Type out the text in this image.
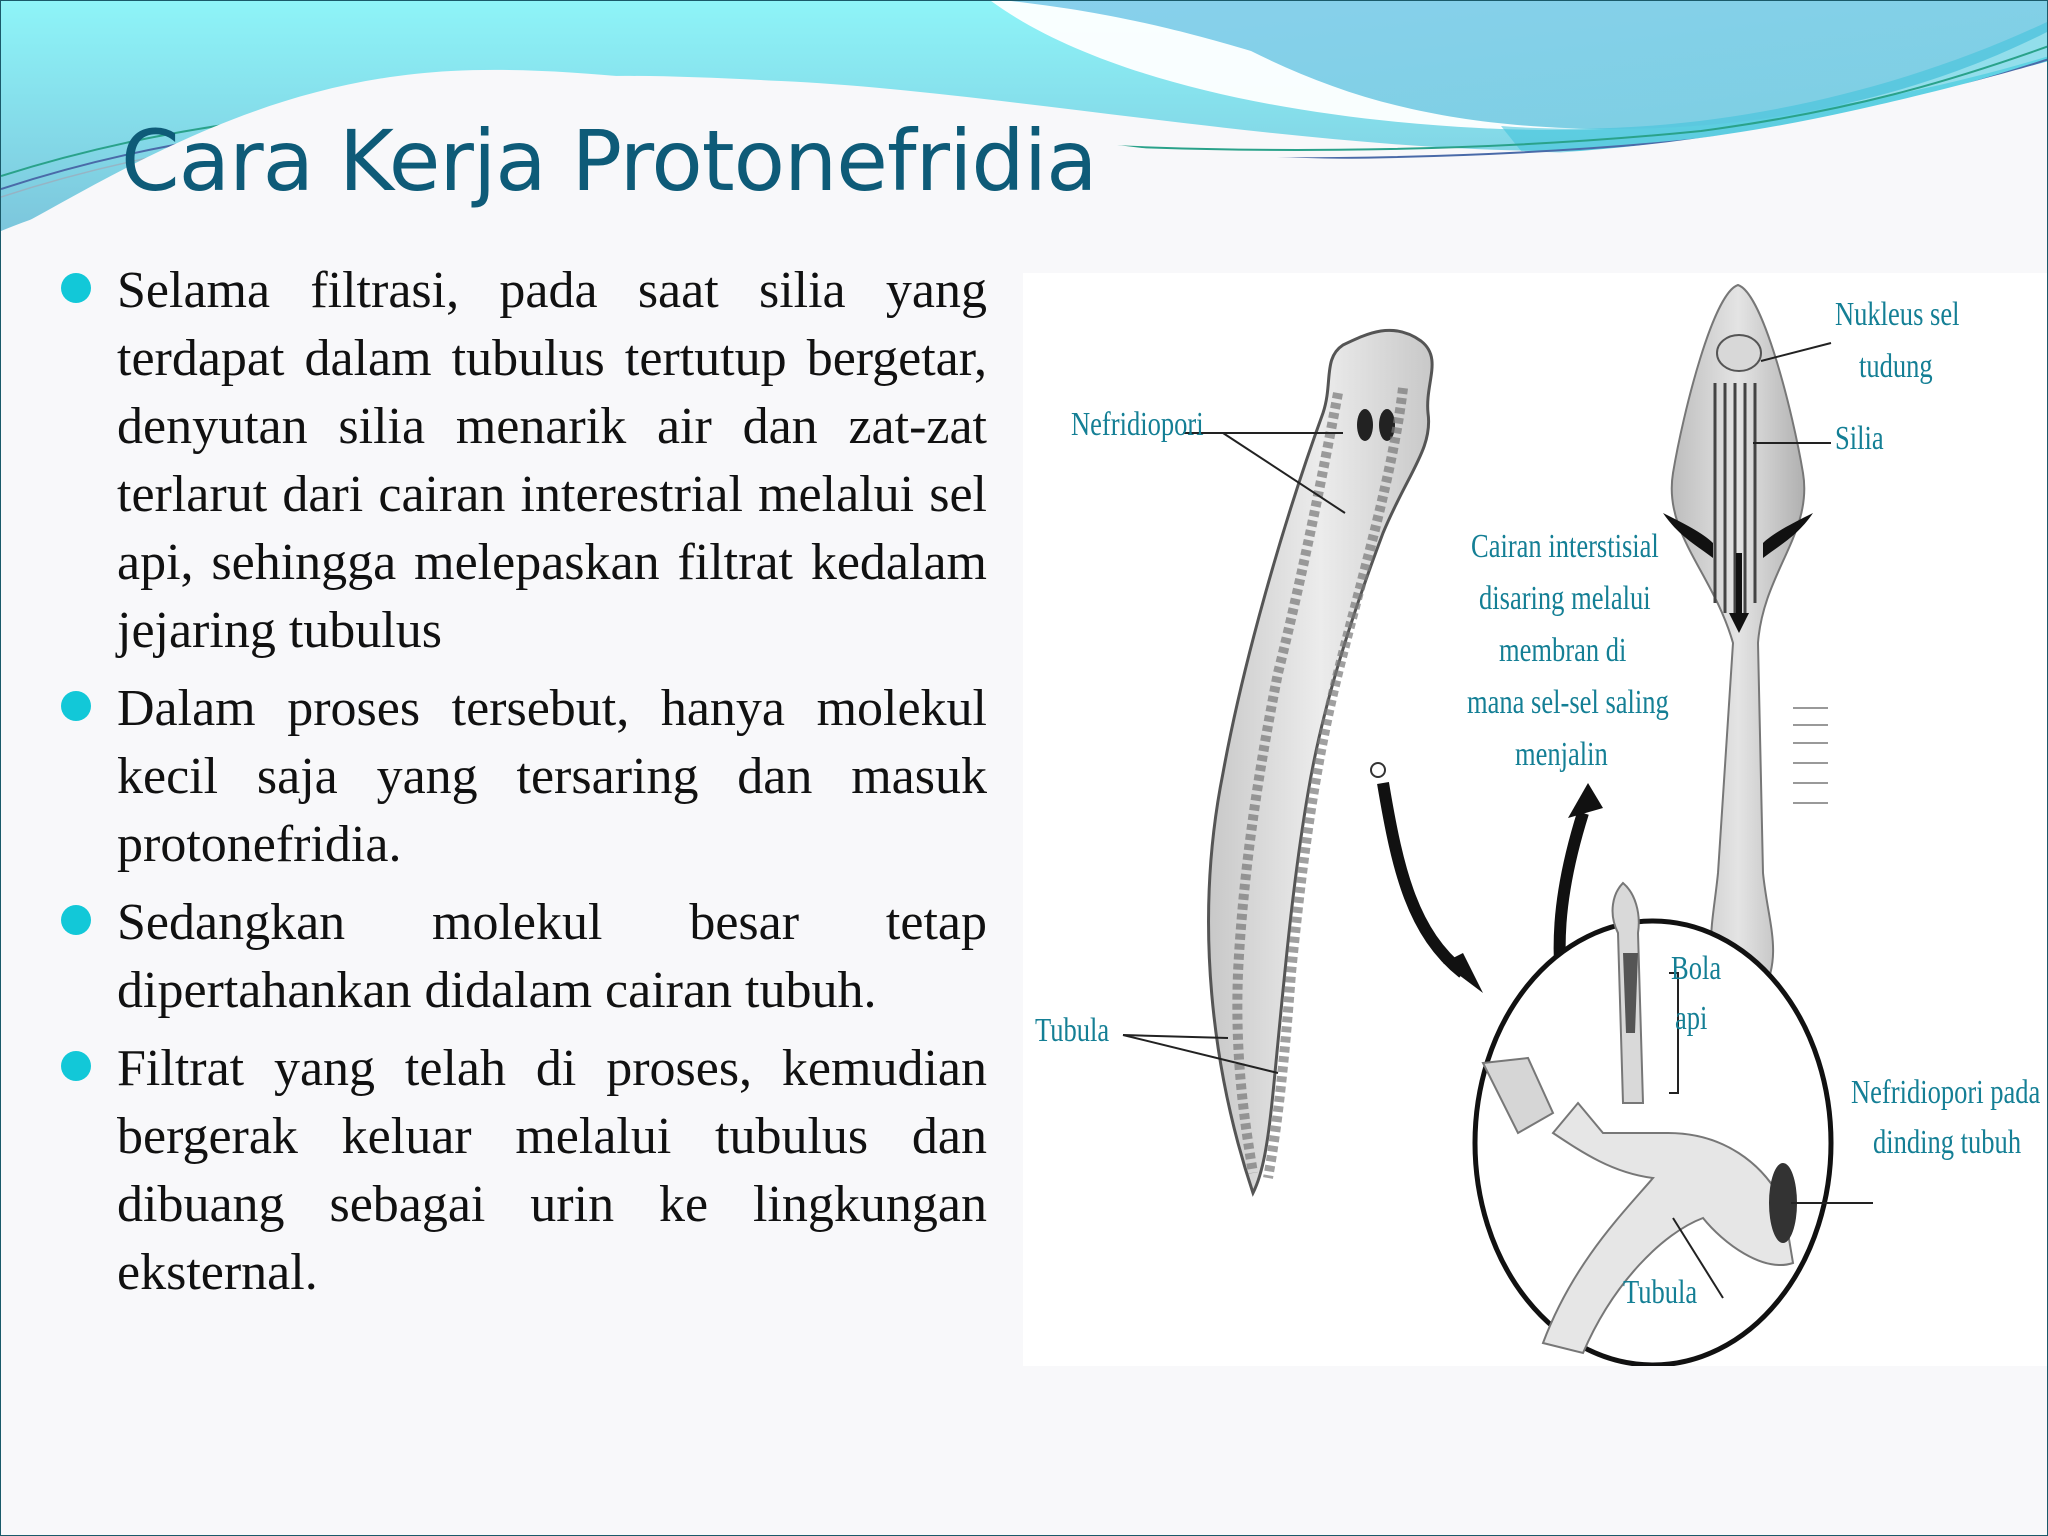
Cara Kerja Protonefridia
Selama filtrasi, pada saat silia yang terdapat dalam tubulus tertutup bergetar, denyutan silia menarik air dan zat-zat terlarut dari cairan interestrial melalui sel api, sehingga melepaskan filtrat kedalam jejaring tubulus
Dalam proses tersebut, hanya molekul kecil saja yang tersaring dan masuk protonefridia.
Sedangkan molekul besar tetap dipertahankan didalam cairan tubuh.
Filtrat yang telah di proses, kemudian bergerak keluar melalui tubulus dan dibuang sebagai urin ke lingkungan eksternal.
Nefridiopori
Nukleus sel
tudung
Silia
Cairan interstisial
disaring melalui
membran di
mana sel-sel saling
menjalin
Tubula
Bola
api
Nefridiopori pada
dinding tubuh
Tubula
